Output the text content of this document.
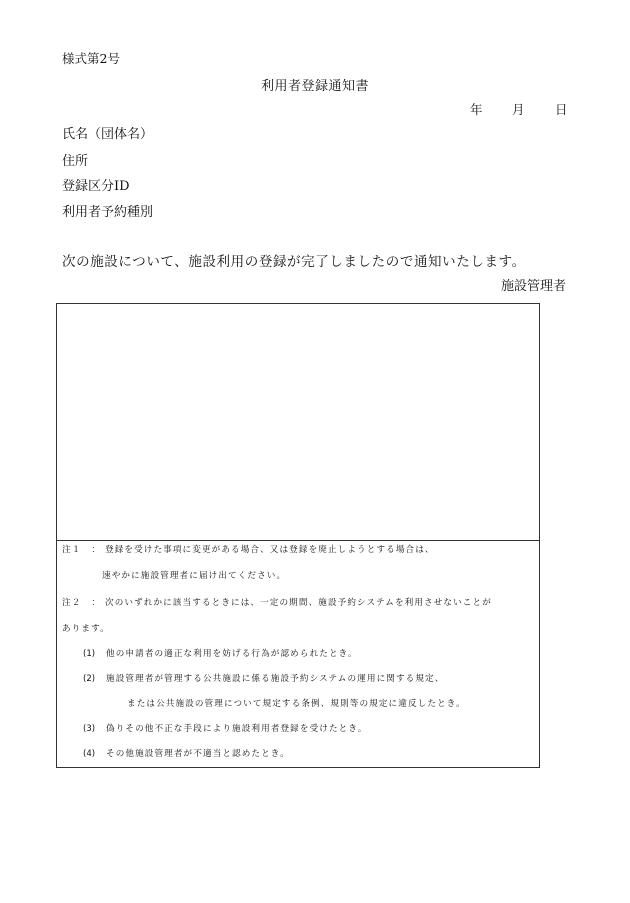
様式第2号
利用者登録通知書
年 月 日
氏名（団体名）
住所
登録区分ID
利用者予約種別
次の施設について、施設利用の登録が完了しましたので通知いたします。
施設管理者
注１　： 登録を受けた事項に変更がある場合、又は登録を廃止しようとする場合は、
速やかに施設管理者に届け出てください。
注２　： 次のいずれかに該当するときには、一定の期間、施設予約システムを利用させないことが
あります。
(1) 他の申請者の適正な利用を妨げる行為が認められたとき。
(2) 施設管理者が管理する公共施設に係る施設予約システムの運用に関する規定、
または公共施設の管理について規定する条例、規則等の規定に違反したとき。
(3) 偽りその他不正な手段により施設利用者登録を受けたとき。
(4) その他施設管理者が不適当と認めたとき。
